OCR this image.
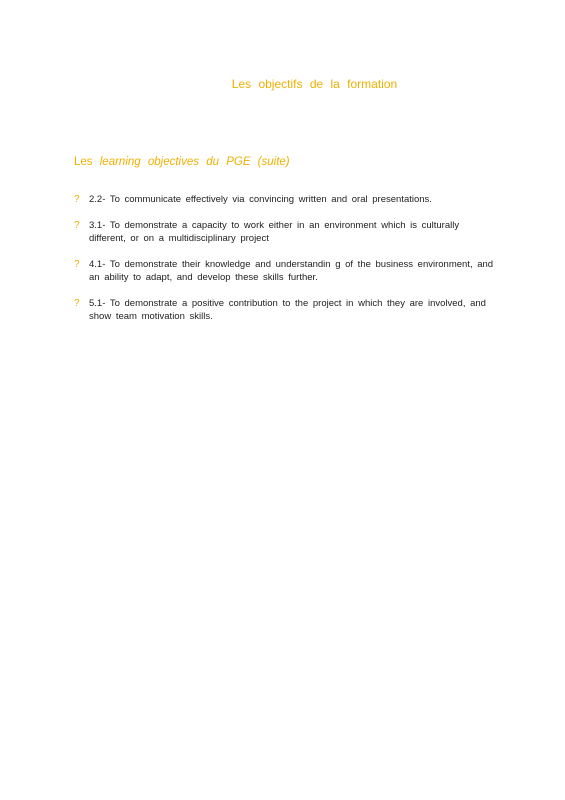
Les objectifs de la formation
Les learning objectives du PGE (suite)
? 2.2- To communicate effectively via convincing written and oral presentations.
? 3.1- To demonstrate a capacity to work either in an environment which is culturally different, or on a multidisciplinary project
? 4.1- To demonstrate their knowledge and understandin g of the business environment, and an ability to adapt, and develop these skills further.
? 5.1- To demonstrate a positive contribution to the project in which they are involved, and show team motivation skills.
